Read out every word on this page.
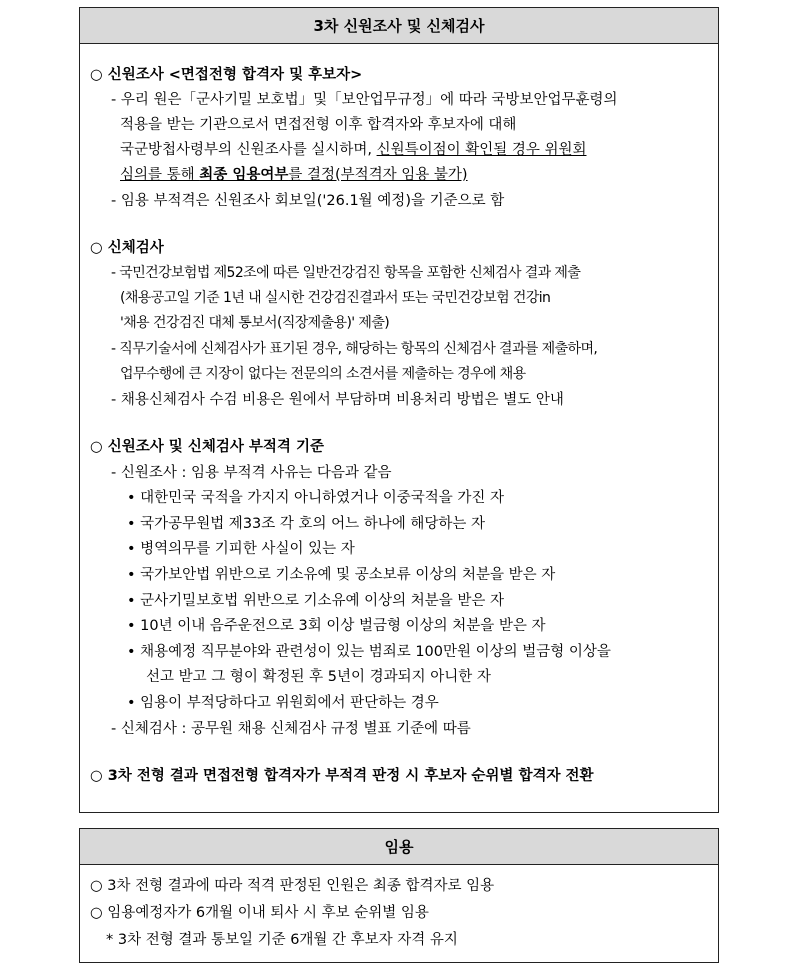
3차 신원조사 및 신체검사
○ 신원조사 <면접전형 합격자 및 후보자>
- 우리 원은「군사기밀 보호법」및「보안업무규정」에 따라 국방보안업무훈령의
적용을 받는 기관으로서 면접전형 이후 합격자와 후보자에 대해
국군방첩사령부의 신원조사를 실시하며, 신원특이점이 확인될 경우 위원회
심의를 통해 최종 임용여부를 결정(부적격자 임용 불가)
- 임용 부적격은 신원조사 회보일('26.1월 예정)을 기준으로 함
○ 신체검사
- 국민건강보험법 제52조에 따른 일반건강검진 항목을 포함한 신체검사 결과 제출
(채용공고일 기준 1년 내 실시한 건강검진결과서 또는 국민건강보험 건강in
'채용 건강검진 대체 통보서(직장제출용)' 제출)
- 직무기술서에 신체검사가 표기된 경우, 해당하는 항목의 신체검사 결과를 제출하며,
업무수행에 큰 지장이 없다는 전문의의 소견서를 제출하는 경우에 채용
- 채용신체검사 수검 비용은 원에서 부담하며 비용처리 방법은 별도 안내
○ 신원조사 및 신체검사 부적격 기준
- 신원조사 : 임용 부적격 사유는 다음과 같음
• 대한민국 국적을 가지지 아니하였거나 이중국적을 가진 자
• 국가공무원법 제33조 각 호의 어느 하나에 해당하는 자
• 병역의무를 기피한 사실이 있는 자
• 국가보안법 위반으로 기소유예 및 공소보류 이상의 처분을 받은 자
• 군사기밀보호법 위반으로 기소유예 이상의 처분을 받은 자
• 10년 이내 음주운전으로 3회 이상 벌금형 이상의 처분을 받은 자
• 채용예정 직무분야와 관련성이 있는 범죄로 100만원 이상의 벌금형 이상을
선고 받고 그 형이 확정된 후 5년이 경과되지 아니한 자
• 임용이 부적당하다고 위원회에서 판단하는 경우
- 신체검사 : 공무원 채용 신체검사 규정 별표 기준에 따름
○ 3차 전형 결과 면접전형 합격자가 부적격 판정 시 후보자 순위별 합격자 전환
임용
○ 3차 전형 결과에 따라 적격 판정된 인원은 최종 합격자로 임용
○ 임용예정자가 6개월 이내 퇴사 시 후보 순위별 임용
* 3차 전형 결과 통보일 기준 6개월 간 후보자 자격 유지
